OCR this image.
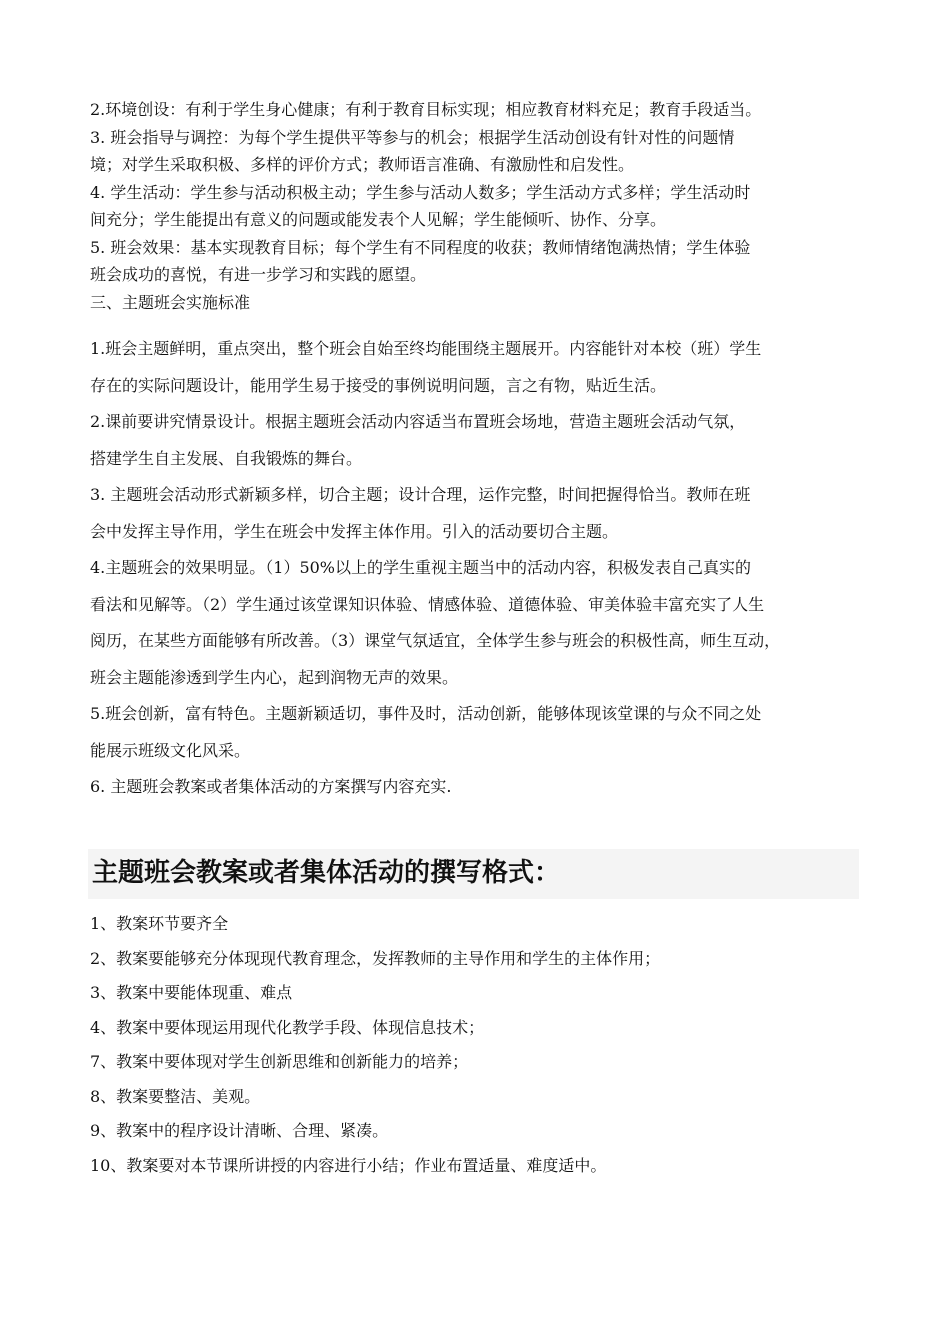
2.环境创设：有利于学生身心健康；有利于教育目标实现；相应教育材料充足；教育手段适当。

3. 班会指导与调控：为每个学生提供平等参与的机会；根据学生活动创设有针对性的问题情

境；对学生采取积极、多样的评价方式；教师语言准确、有激励性和启发性。

4. 学生活动：学生参与活动积极主动；学生参与活动人数多；学生活动方式多样；学生活动时

间充分；学生能提出有意义的问题或能发表个人见解；学生能倾听、协作、分享。

5. 班会效果：基本实现教育目标；每个学生有不同程度的收获；教师情绪饱满热情；学生体验

班会成功的喜悦，有进一步学习和实践的愿望。

三、主题班会实施标准

1.班会主题鲜明，重点突出，整个班会自始至终均能围绕主题展开。内容能针对本校（班）学生

存在的实际问题设计，能用学生易于接受的事例说明问题，言之有物，贴近生活。

2.课前要讲究情景设计。根据主题班会活动内容适当布置班会场地，营造主题班会活动气氛，

搭建学生自主发展、自我锻炼的舞台。

3. 主题班会活动形式新颖多样，切合主题；设计合理，运作完整，时间把握得恰当。教师在班

会中发挥主导作用，学生在班会中发挥主体作用。引入的活动要切合主题。

4.主题班会的效果明显。（1）50%以上的学生重视主题当中的活动内容，积极发表自己真实的

看法和见解等。（2）学生通过该堂课知识体验、情感体验、道德体验、审美体验丰富充实了人生

阅历，在某些方面能够有所改善。（3）课堂气氛适宜，全体学生参与班会的积极性高，师生互动，

班会主题能渗透到学生内心，起到润物无声的效果。

5.班会创新，富有特色。主题新颖适切，事件及时，活动创新，能够体现该堂课的与众不同之处

能展示班级文化风采。

6. 主题班会教案或者集体活动的方案撰写内容充实.

主题班会教案或者集体活动的撰写格式：

1、教案环节要齐全

2、教案要能够充分体现现代教育理念，发挥教师的主导作用和学生的主体作用；

3、教案中要能体现重、难点

4、教案中要体现运用现代化教学手段、体现信息技术；

7、教案中要体现对学生创新思维和创新能力的培养；

8、教案要整洁、美观。

9、教案中的程序设计清晰、合理、紧凑。

10、教案要对本节课所讲授的内容进行小结；作业布置适量、难度适中。
